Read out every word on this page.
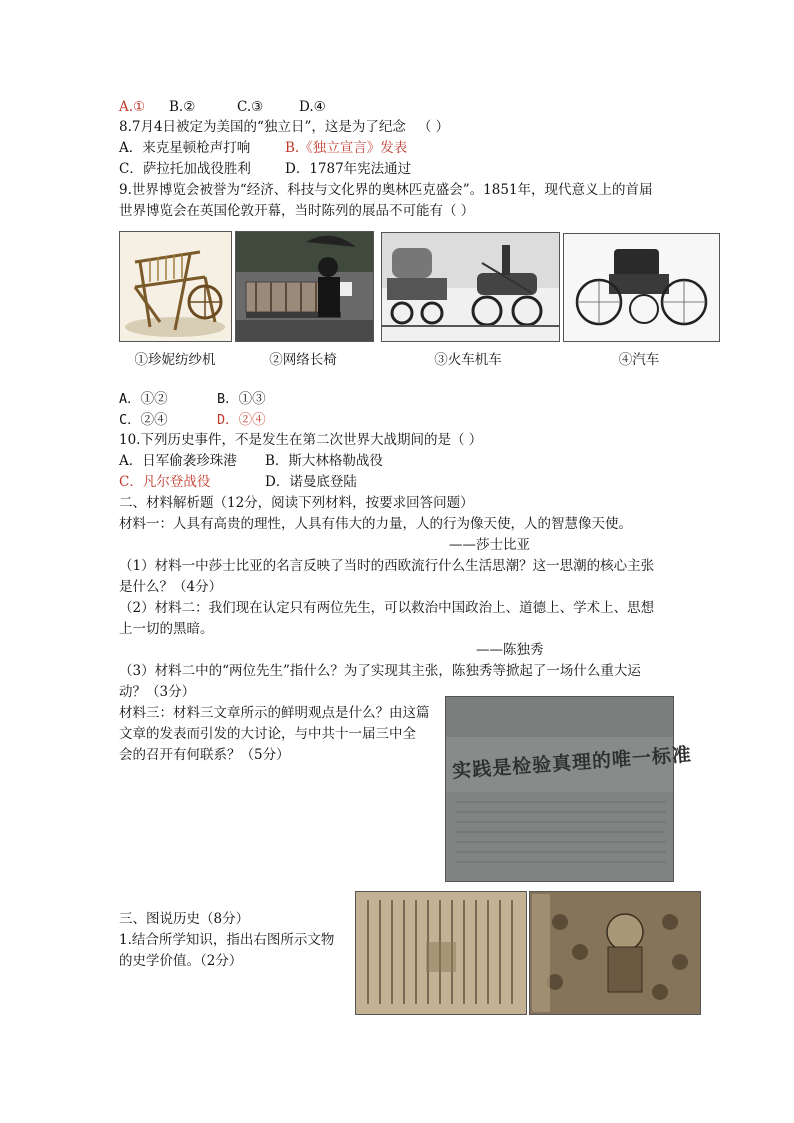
A.① B.②	C.③	D.④
8.7月4日被定为美国的“独立日”，这是为了纪念 （ ）
A．来克星顿枪声打响	B.《独立宣言》发表
C．萨拉托加战役胜利	D．1787年宪法通过
9.世界博览会被誉为“经济、科技与文化界的奥林匹克盛会”。1851年，现代意义上的首届
世界博览会在英国伦敦开幕，当时陈列的展品不可能有（ ）
①珍妮纺纱机	②网络长椅	③火车机车	④汽车
A．①②	B．①③
C．②④	D．②④
10.下列历史事件，不是发生在第二次世界大战期间的是（ ）
A．日军偷袭珍珠港 B．斯大林格勒战役
C．凡尔登战役	D．诺曼底登陆
二、材料解析题（12分，阅读下列材料，按要求回答问题）
材料一：人具有高贵的理性，人具有伟大的力量，人的行为像天使，人的智慧像天使。
——莎士比亚
（1）材料一中莎士比亚的名言反映了当时的西欧流行什么生活思潮？这一思潮的核心主张
是什么？（4分）
（2）材料二：我们现在认定只有两位先生，可以救治中国政治上、道德上、学术上、思想
上一切的黑暗。
——陈独秀
（3）材料二中的“两位先生”指什么？为了实现其主张，陈独秀等掀起了一场什么重大运
动？（3分）
材料三：材料三文章所示的鲜明观点是什么？由这篇
文章的发表而引发的大讨论，与中共十一届三中全
会的召开有何联系？（5分）	实践是检验真理的唯一标准
三、图说历史（8分）
1.结合所学知识，指出右图所示文物
的史学价值。（2分）
